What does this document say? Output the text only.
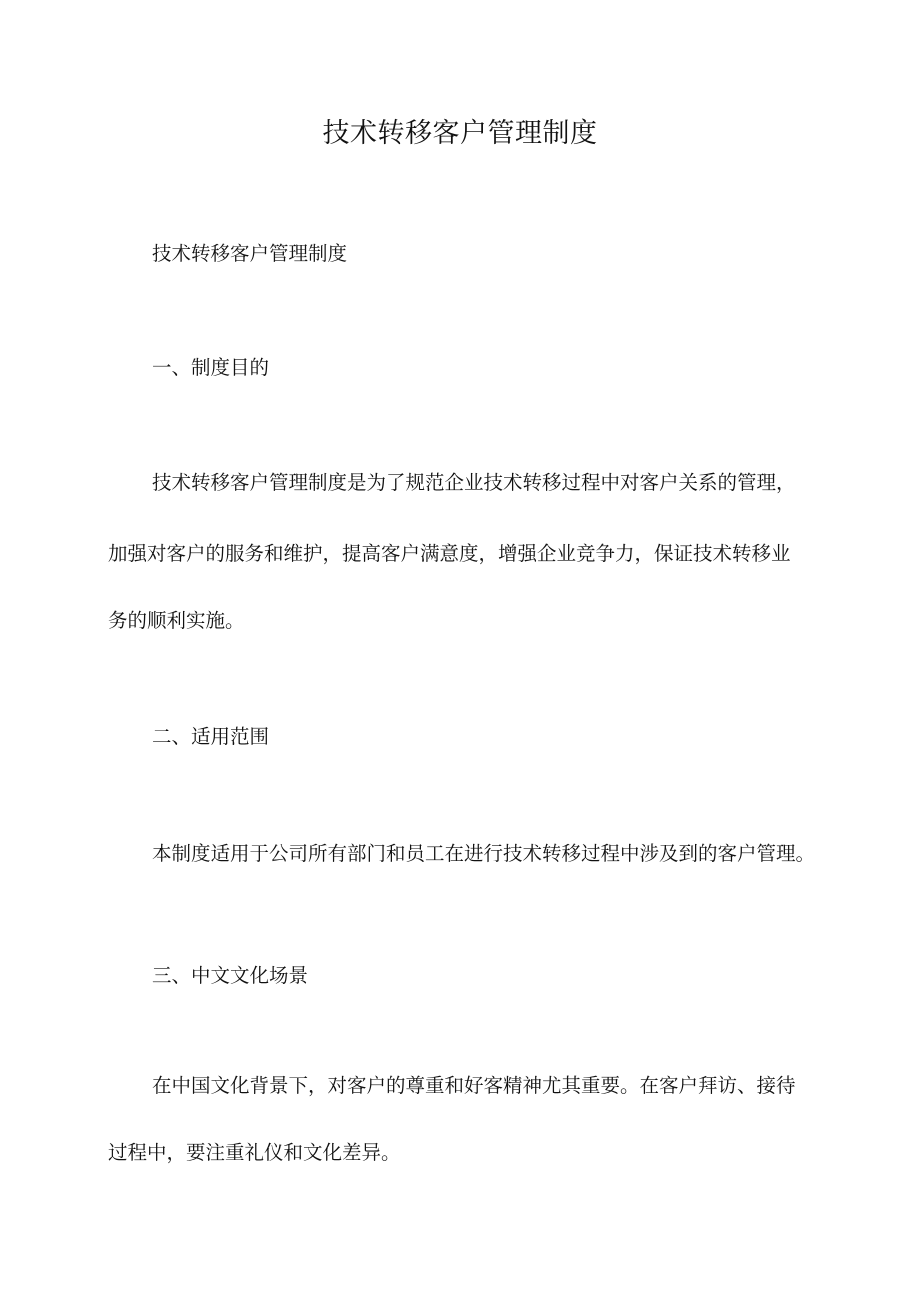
技术转移客户管理制度

技术转移客户管理制度

一、制度目的

技术转移客户管理制度是为了规范企业技术转移过程中对客户关系的管理，

加强对客户的服务和维护，提高客户满意度，增强企业竞争力，保证技术转移业

务的顺利实施。

二、适用范围

本制度适用于公司所有部门和员工在进行技术转移过程中涉及到的客户管理。

三、中文文化场景

在中国文化背景下，对客户的尊重和好客精神尤其重要。在客户拜访、接待

过程中，要注重礼仪和文化差异。
